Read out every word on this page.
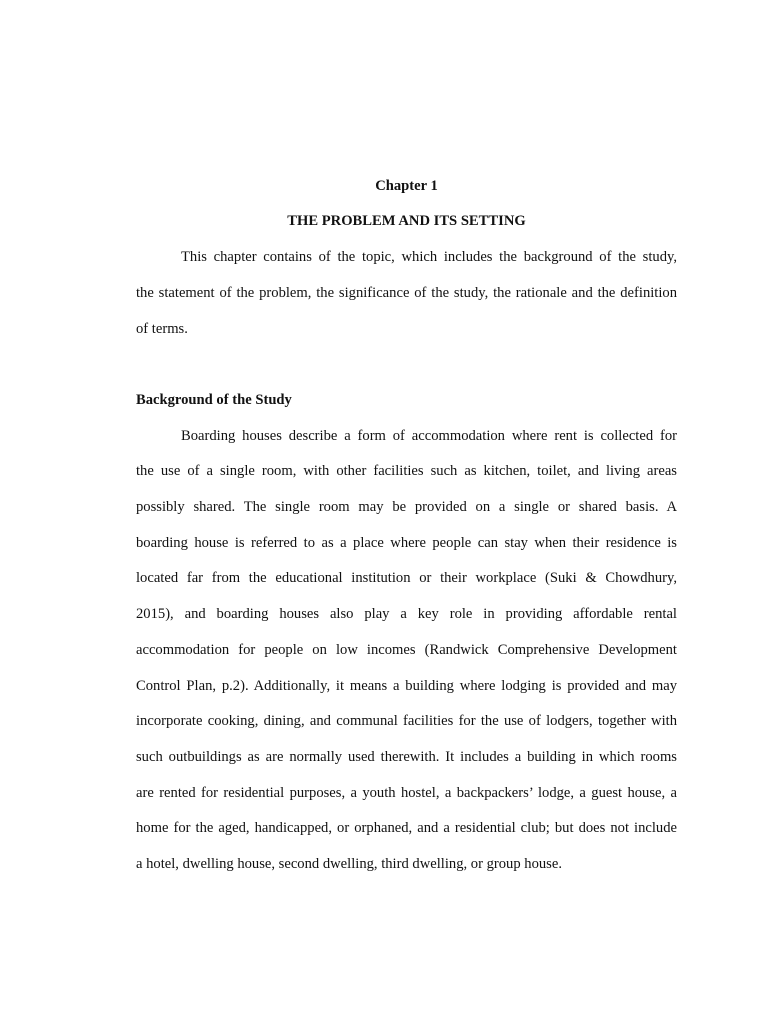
Chapter 1
THE PROBLEM AND ITS SETTING
This chapter contains of the topic, which includes the background of the study,
the statement of the problem, the significance of the study, the rationale and the definition
of terms.
Background of the Study
Boarding houses describe a form of accommodation where rent is collected for
the use of a single room, with other facilities such as kitchen, toilet, and living areas
possibly shared. The single room may be provided on a single or shared basis. A
boarding house is referred to as a place where people can stay when their residence is
located far from the educational institution or their workplace (Suki & Chowdhury,
2015), and boarding houses also play a key role in providing affordable rental
accommodation for people on low incomes (Randwick Comprehensive Development
Control Plan, p.2). Additionally, it means a building where lodging is provided and may
incorporate cooking, dining, and communal facilities for the use of lodgers, together with
such outbuildings as are normally used therewith. It includes a building in which rooms
are rented for residential purposes, a youth hostel, a backpackers’ lodge, a guest house, a
home for the aged, handicapped, or orphaned, and a residential club; but does not include
a hotel, dwelling house, second dwelling, third dwelling, or group house.
